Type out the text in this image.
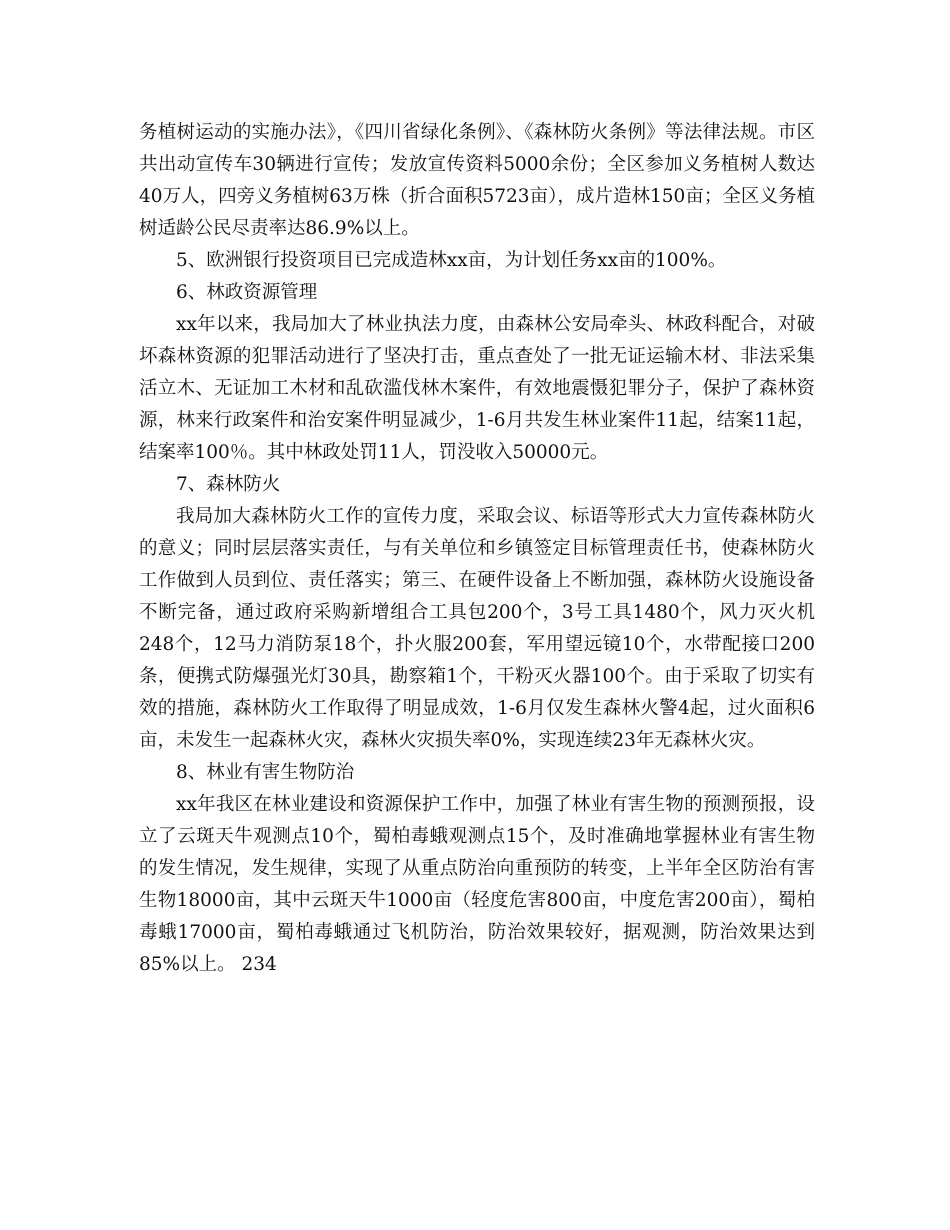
务植树运动的实施办法》，《四川省绿化条例》、《森林防火条例》等法律法规。市区共出动宣传车30辆进行宣传；发放宣传资料5000余份；全区参加义务植树人数达40万人，四旁义务植树63万株（折合面积5723亩），成片造林150亩；全区义务植树适龄公民尽责率达86.9%以上。

5、欧洲银行投资项目已完成造林xx亩，为计划任务xx亩的100%。

6、林政资源管理

xx年以来，我局加大了林业执法力度，由森林公安局牵头、林政科配合，对破坏森林资源的犯罪活动进行了坚决打击，重点查处了一批无证运输木材、非法采集活立木、无证加工木材和乱砍滥伐林木案件，有效地震慑犯罪分子，保护了森林资源，林来行政案件和治安案件明显减少，1-6月共发生林业案件11起，结案11起，结案率100％。其中林政处罚11人，罚没收入50000元。

7、森林防火

我局加大森林防火工作的宣传力度，采取会议、标语等形式大力宣传森林防火的意义；同时层层落实责任，与有关单位和乡镇签定目标管理责任书，使森林防火工作做到人员到位、责任落实；第三、在硬件设备上不断加强，森林防火设施设备不断完备，通过政府采购新增组合工具包200个，3号工具1480个，风力灭火机248个，12马力消防泵18个，扑火服200套，军用望远镜10个，水带配接口200条，便携式防爆强光灯30具，勘察箱1个，干粉灭火器100个。由于采取了切实有效的措施，森林防火工作取得了明显成效，1-6月仅发生森林火警4起，过火面积6亩，未发生一起森林火灾，森林火灾损失率0%，实现连续23年无森林火灾。

8、林业有害生物防治

xx年我区在林业建设和资源保护工作中，加强了林业有害生物的预测预报，设立了云斑天牛观测点10个，蜀柏毒蛾观测点15个，及时准确地掌握林业有害生物的发生情况，发生规律，实现了从重点防治向重预防的转变，上半年全区防治有害生物18000亩，其中云斑天牛1000亩（轻度危害800亩，中度危害200亩），蜀柏毒蛾17000亩，蜀柏毒蛾通过飞机防治，防治效果较好，据观测，防治效果达到85%以上。 234
